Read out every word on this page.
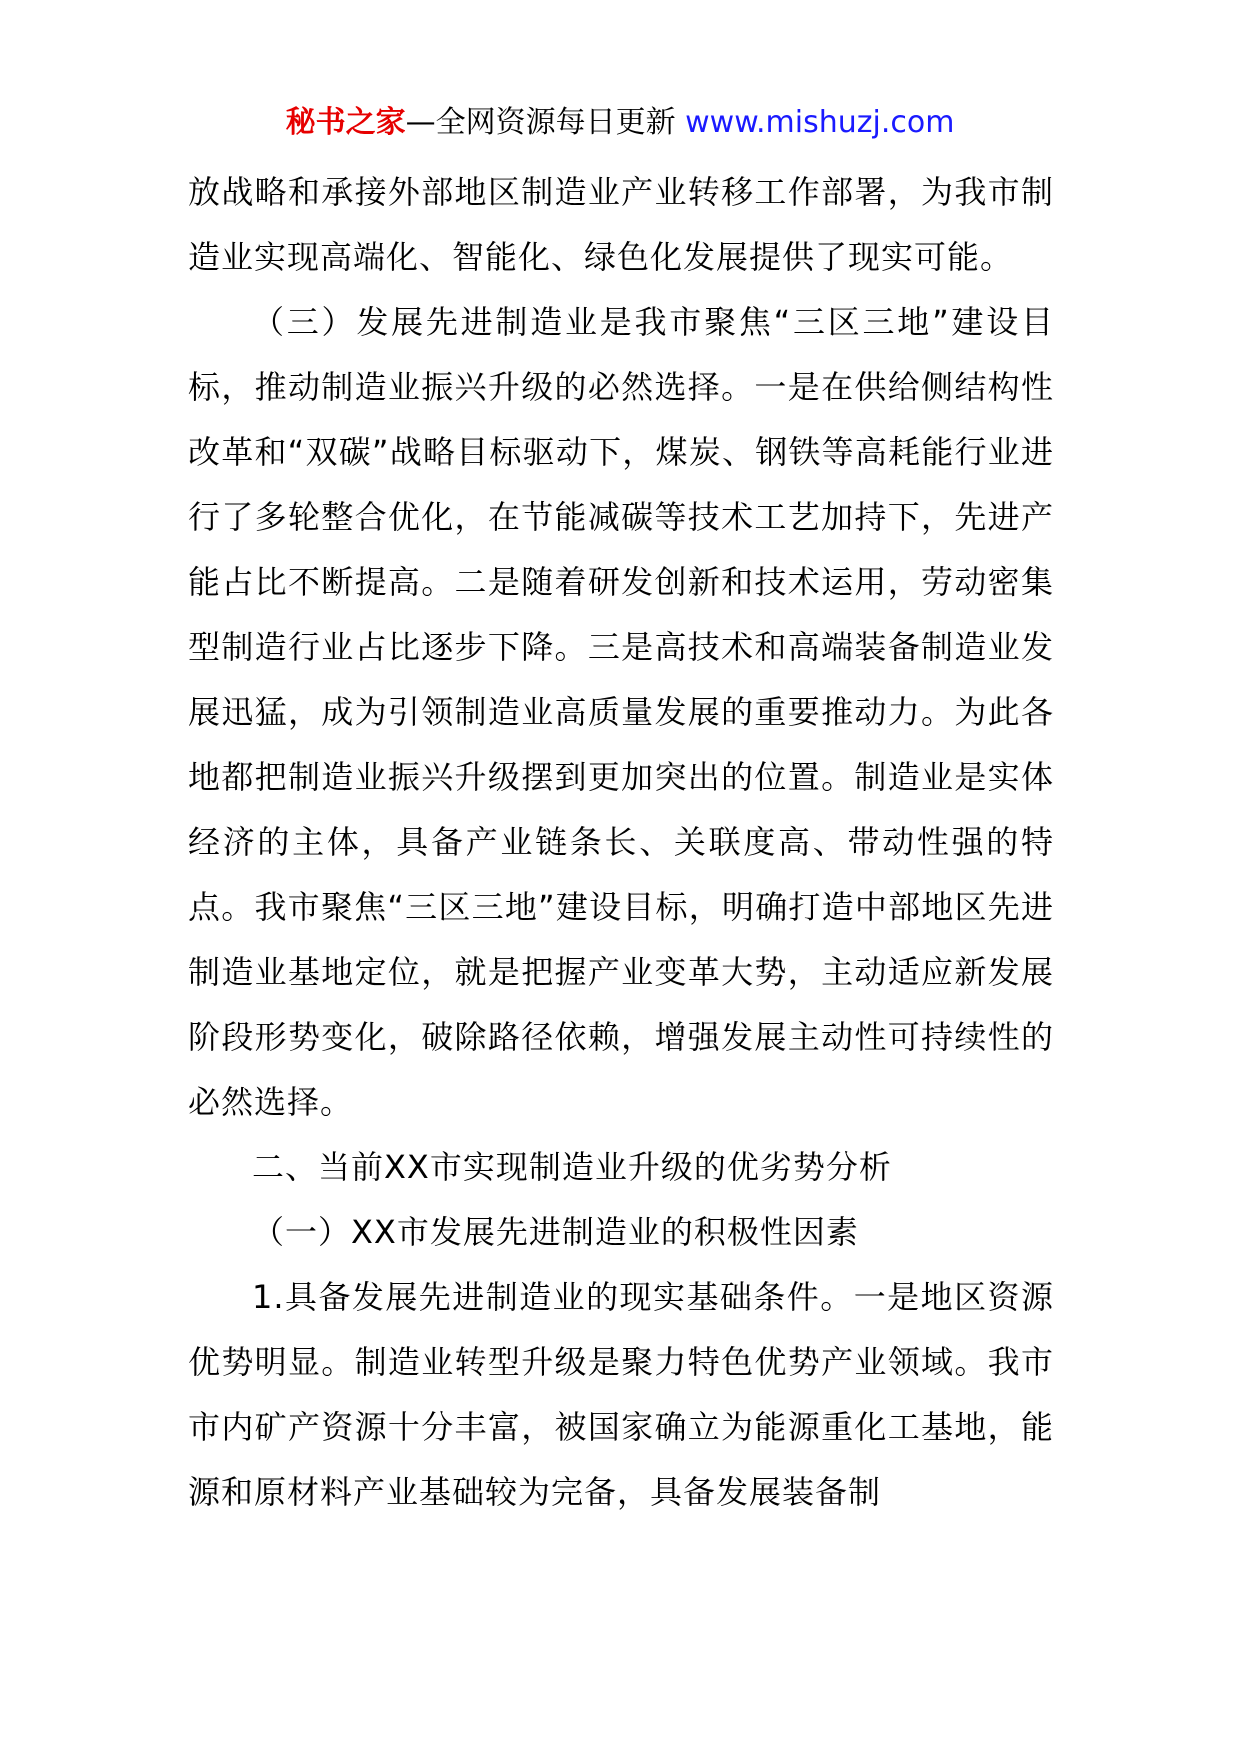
秘书之家—全网资源每日更新 www.mishuzj.com

放战略和承接外部地区制造业产业转移工作部署，为我市制造业实现高端化、智能化、绿色化发展提供了现实可能。

（三）发展先进制造业是我市聚焦“三区三地”建设目标，推动制造业振兴升级的必然选择。一是在供给侧结构性改革和“双碳”战略目标驱动下，煤炭、钢铁等高耗能行业进行了多轮整合优化，在节能减碳等技术工艺加持下，先进产能占比不断提高。二是随着研发创新和技术运用，劳动密集型制造行业占比逐步下降。三是高技术和高端装备制造业发展迅猛，成为引领制造业高质量发展的重要推动力。为此各地都把制造业振兴升级摆到更加突出的位置。制造业是实体经济的主体，具备产业链条长、关联度高、带动性强的特点。我市聚焦“三区三地”建设目标，明确打造中部地区先进制造业基地定位，就是把握产业变革大势，主动适应新发展阶段形势变化，破除路径依赖，增强发展主动性可持续性的必然选择。

二、当前XX市实现制造业升级的优劣势分析

（一）XX市发展先进制造业的积极性因素

1.具备发展先进制造业的现实基础条件。一是地区资源优势明显。制造业转型升级是聚力特色优势产业领域。我市市内矿产资源十分丰富，被国家确立为能源重化工基地，能源和原材料产业基础较为完备，具备发展装备制
